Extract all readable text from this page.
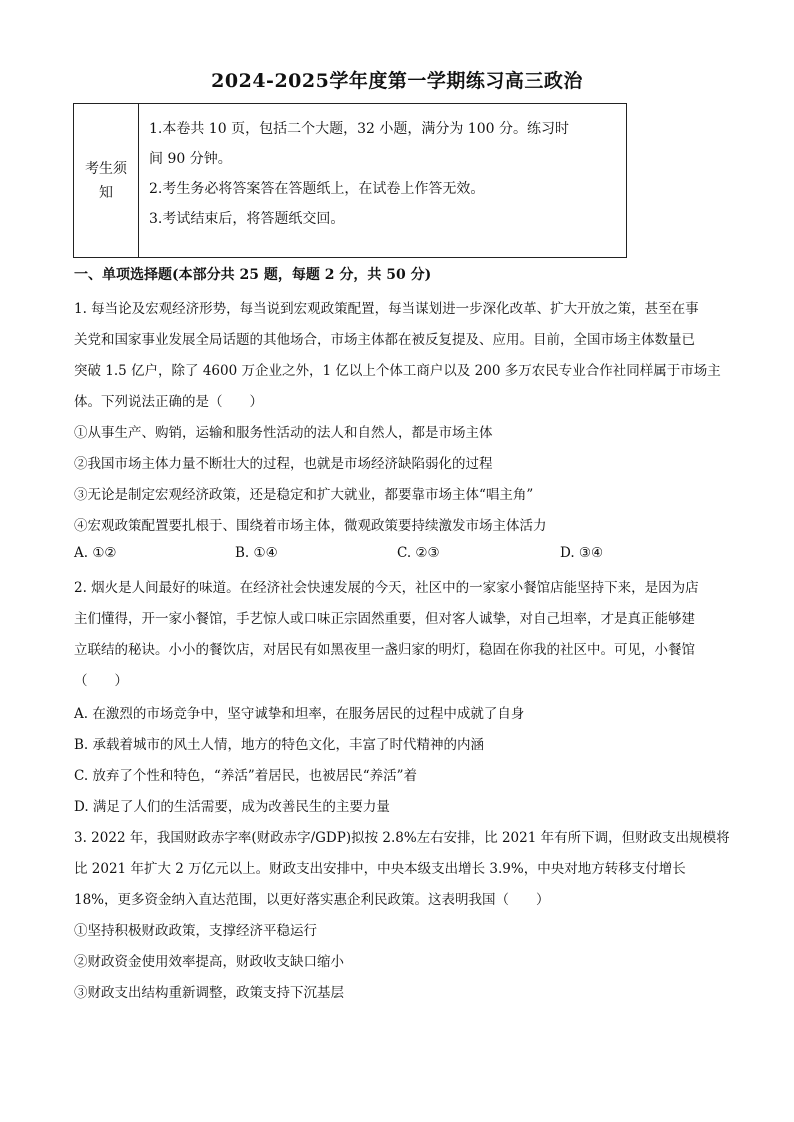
2024-2025学年度第一学期练习高三政治
考生须知
1.本卷共 10 页，包括二个大题，32 小题，满分为 100 分。练习时
间 90 分钟。
2.考生务必将答案答在答题纸上，在试卷上作答无效。
3.考试结束后，将答题纸交回。
一、单项选择题(本部分共 25 题，每题 2 分，共 50 分)
1. 每当论及宏观经济形势，每当说到宏观政策配置，每当谋划进一步深化改革、扩大开放之策，甚至在事
关党和国家事业发展全局话题的其他场合，市场主体都在被反复提及、应用。目前，全国市场主体数量已
突破 1.5 亿户，除了 4600 万企业之外，1 亿以上个体工商户以及 200 多万农民专业合作社同样属于市场主
体。下列说法正确的是（　　）
①从事生产、购销，运输和服务性活动的法人和自然人，都是市场主体
②我国市场主体力量不断壮大的过程，也就是市场经济缺陷弱化的过程
③无论是制定宏观经济政策，还是稳定和扩大就业，都要靠市场主体“唱主角”
④宏观政策配置要扎根于、围绕着市场主体，微观政策要持续激发市场主体活力
A. ①②	B. ①④	C. ②③	D. ③④
2. 烟火是人间最好的味道。在经济社会快速发展的今天，社区中的一家家小餐馆店能坚持下来，是因为店
主们懂得，开一家小餐馆，手艺惊人或口味正宗固然重要，但对客人诚挚，对自己坦率，才是真正能够建
立联结的秘诀。小小的餐饮店，对居民有如黑夜里一盏归家的明灯，稳固在你我的社区中。可见，小餐馆
（　　）
A. 在激烈的市场竞争中，坚守诚挚和坦率，在服务居民的过程中成就了自身
B. 承载着城市的风土人情，地方的特色文化，丰富了时代精神的内涵
C. 放弃了个性和特色，“养活”着居民，也被居民“养活”着
D. 满足了人们的生活需要，成为改善民生的主要力量
3. 2022 年，我国财政赤字率(财政赤字/GDP)拟按 2.8%左右安排，比 2021 年有所下调，但财政支出规模将
比 2021 年扩大 2 万亿元以上。财政支出安排中，中央本级支出增长 3.9%，中央对地方转移支付增长
18%，更多资金纳入直达范围，以更好落实惠企利民政策。这表明我国（　　）
①坚持积极财政政策，支撑经济平稳运行
②财政资金使用效率提高，财政收支缺口缩小
③财政支出结构重新调整，政策支持下沉基层
